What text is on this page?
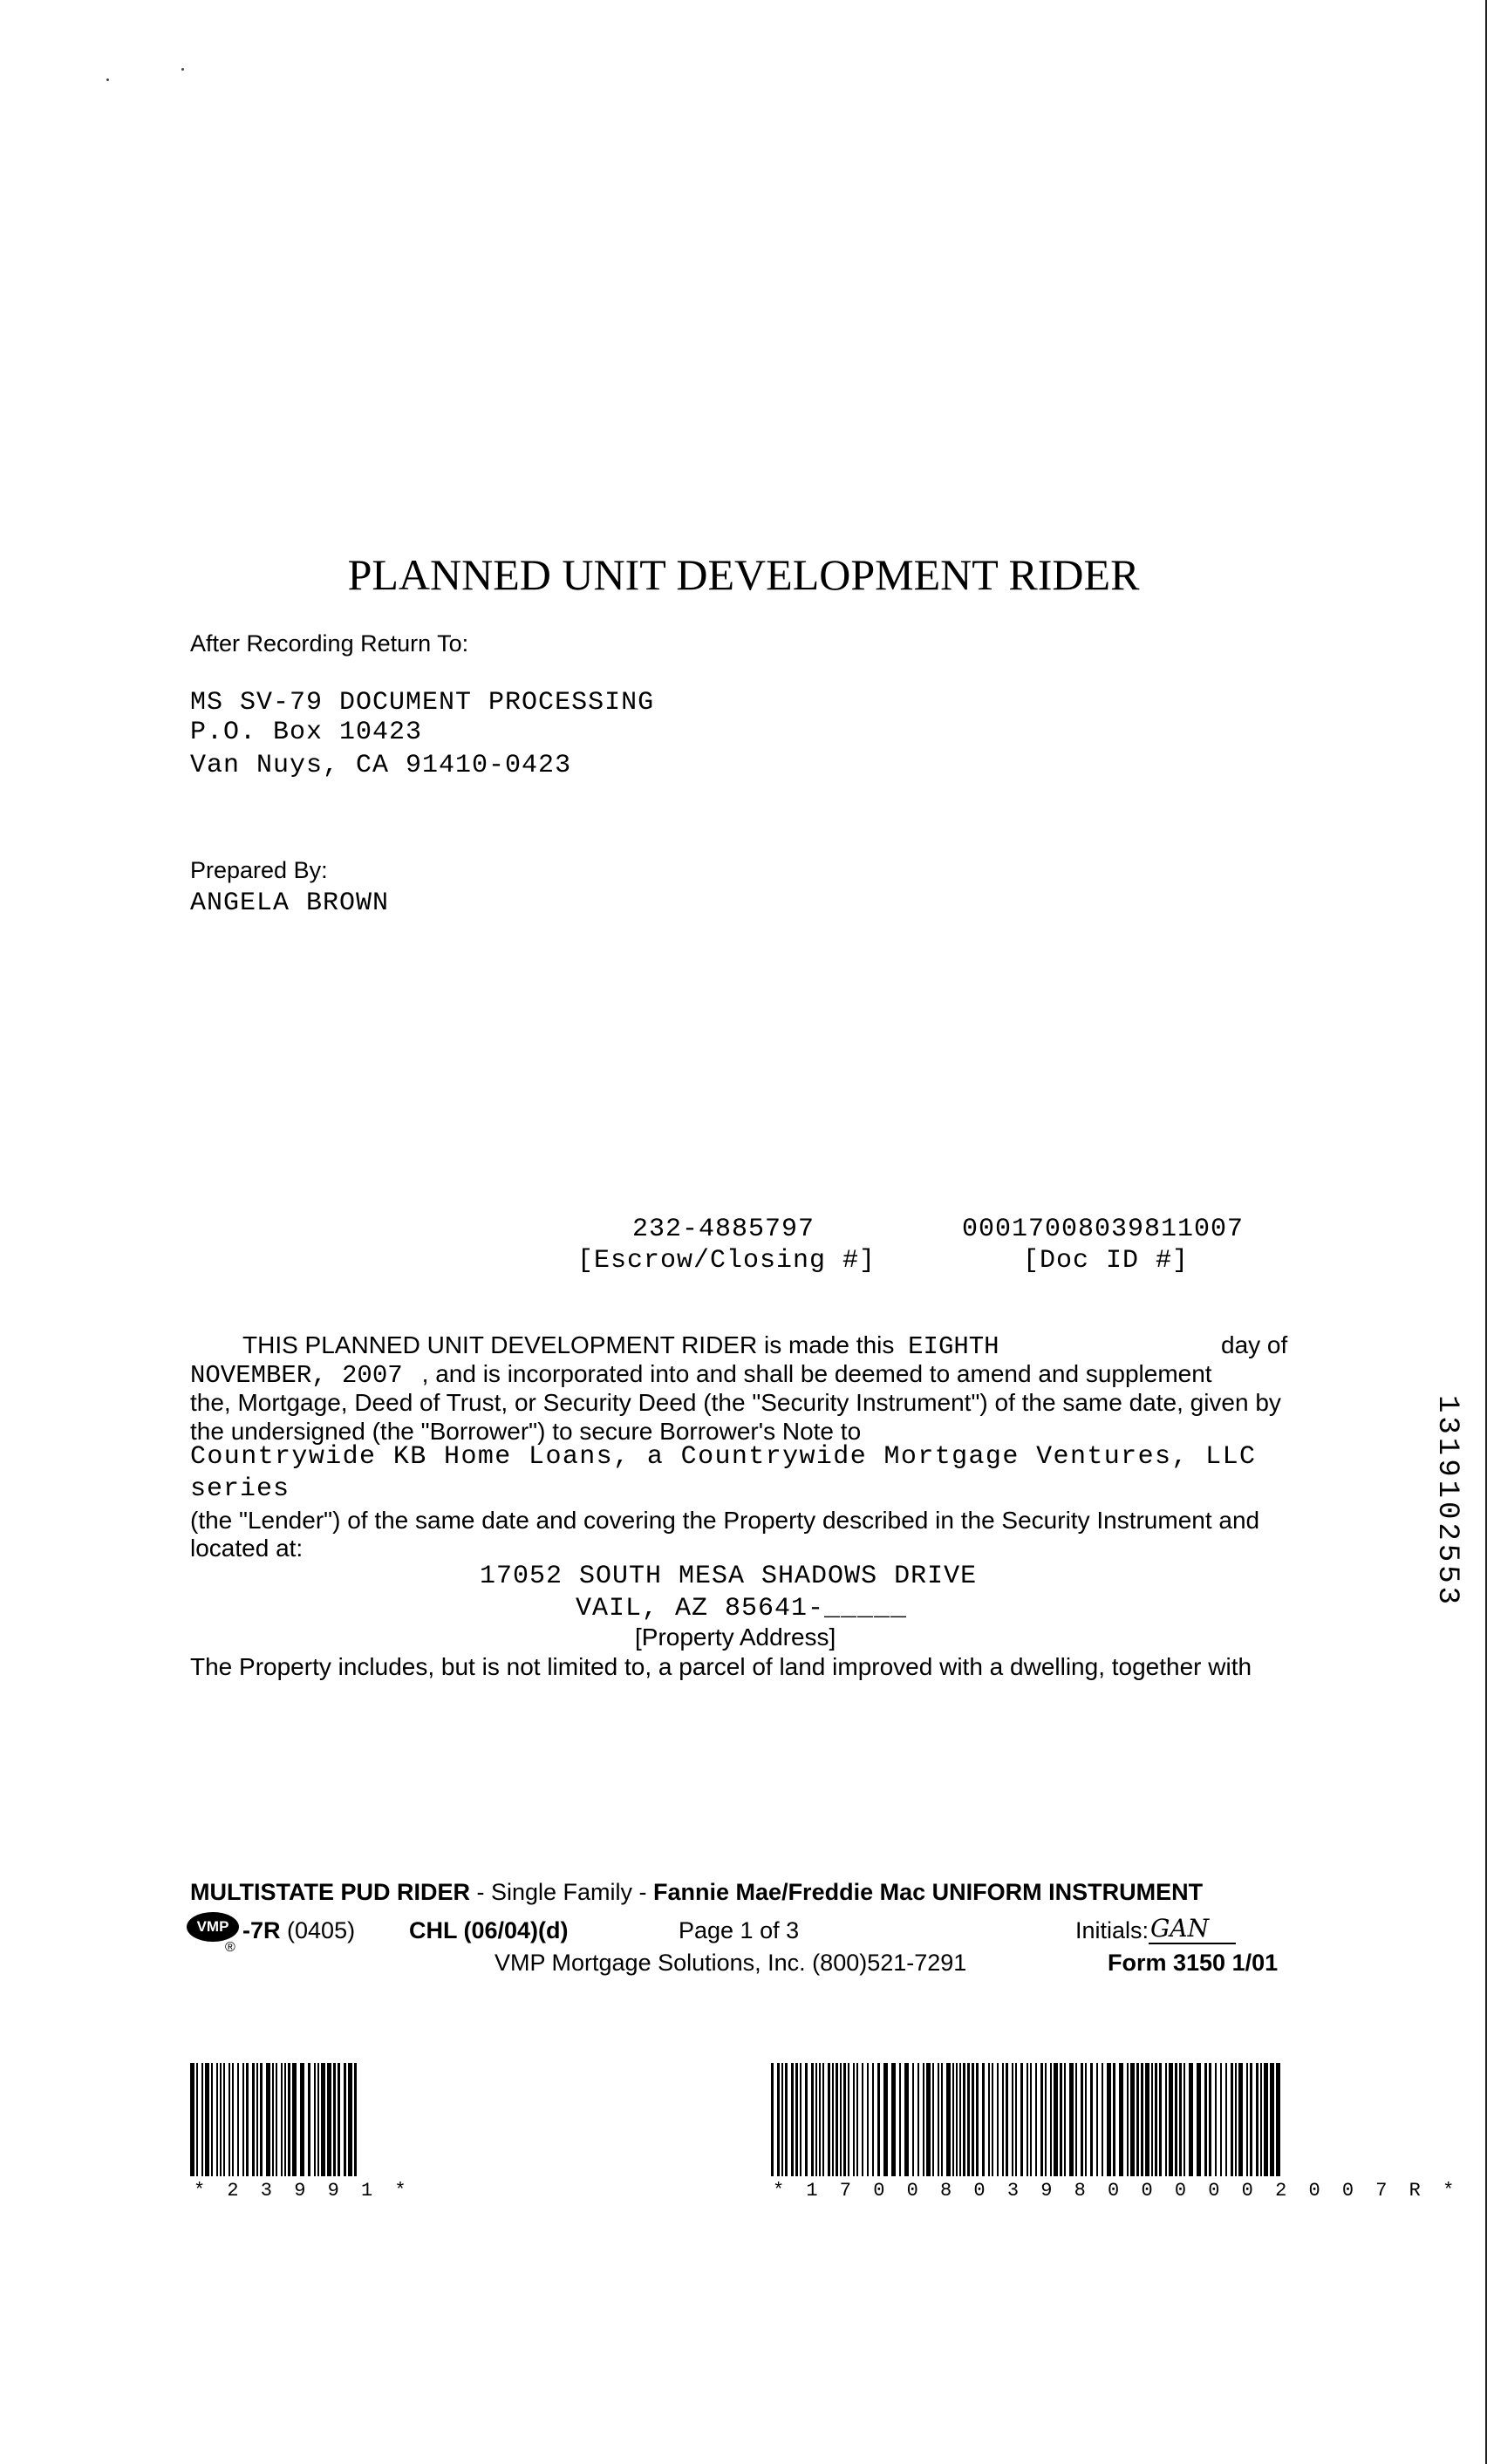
PLANNED UNIT DEVELOPMENT RIDER
After Recording Return To:
MS SV-79 DOCUMENT PROCESSING
P.O. Box 10423
Van Nuys, CA 91410-0423
Prepared By:
ANGELA BROWN
232-4885797
[Escrow/Closing #]
00017008039811007
[Doc ID #]
THIS PLANNED UNIT DEVELOPMENT RIDER is made this EIGHTH	day of
NOVEMBER, 2007 , and is incorporated into and shall be deemed to amend and supplement
the, Mortgage, Deed of Trust, or Security Deed (the "Security Instrument") of the same date, given by
the undersigned (the "Borrower") to secure Borrower's Note to
Countrywide KB Home Loans, a Countrywide Mortgage Ventures, LLC
series
(the "Lender") of the same date and covering the Property described in the Security Instrument and
located at:
17052 SOUTH MESA SHADOWS DRIVE
VAIL, AZ 85641-_____
[Property Address]
The Property includes, but is not limited to, a parcel of land improved with a dwelling, together with
1319102553
MULTISTATE PUD RIDER - Single Family - Fannie Mae/Freddie Mac UNIFORM INSTRUMENT
VMP
®
-7R (0405) CHL (06/04)(d)	Page 1 of 3	Initials: GAN
VMP Mortgage Solutions, Inc. (800)521-7291	Form 3150 1/01
* 2 3 9 9 1 *	* 1 7 0 0 8 0 3 9 8 0 0 0 0 0 2 0 0 7 R *
